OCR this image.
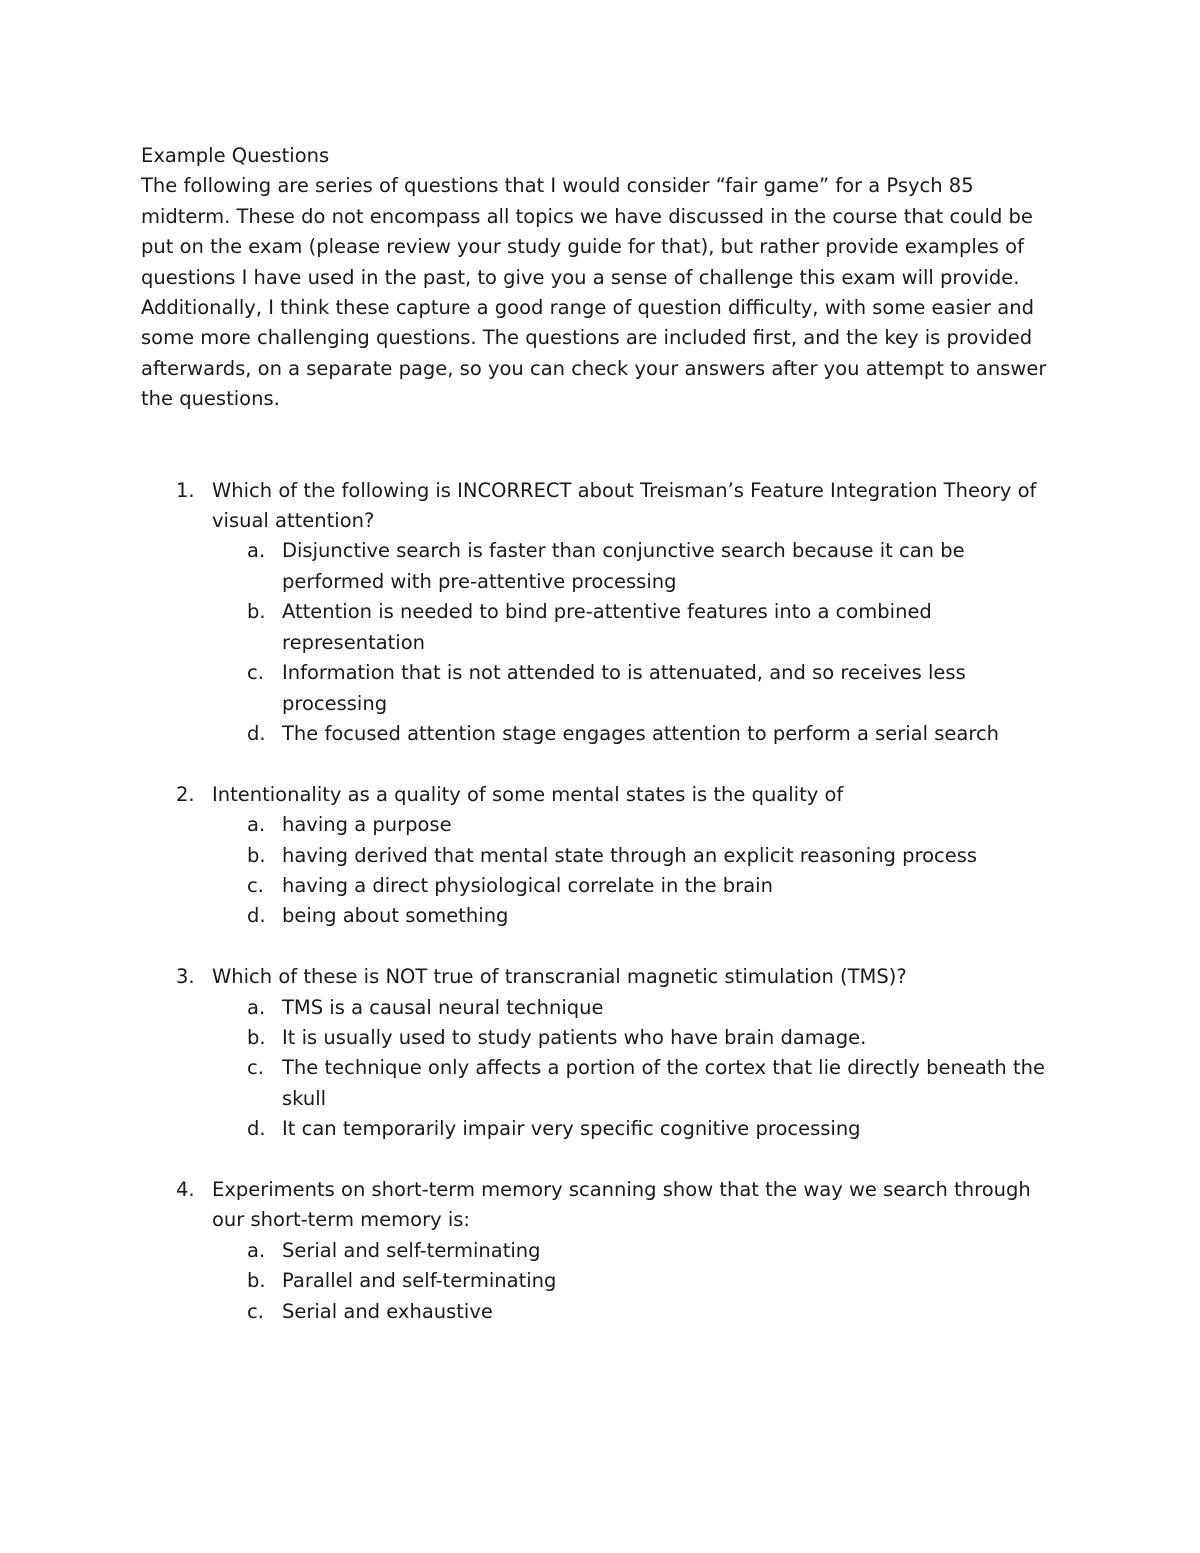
Example Questions

The following are series of questions that I would consider “fair game” for a Psych 85 midterm. These do not encompass all topics we have discussed in the course that could be put on the exam (please review your study guide for that), but rather provide examples of questions I have used in the past, to give you a sense of challenge this exam will provide. Additionally, I think these capture a good range of question difficulty, with some easier and some more challenging questions. The questions are included first, and the key is provided afterwards, on a separate page, so you can check your answers after you attempt to answer the questions.

1. Which of the following is INCORRECT about Treisman’s Feature Integration Theory of visual attention?
a. Disjunctive search is faster than conjunctive search because it can be performed with pre-attentive processing
b. Attention is needed to bind pre-attentive features into a combined representation
c. Information that is not attended to is attenuated, and so receives less processing
d. The focused attention stage engages attention to perform a serial search
2. Intentionality as a quality of some mental states is the quality of
a. having a purpose
b. having derived that mental state through an explicit reasoning process
c. having a direct physiological correlate in the brain
d. being about something
3. Which of these is NOT true of transcranial magnetic stimulation (TMS)?
a. TMS is a causal neural technique
b. It is usually used to study patients who have brain damage.
c. The technique only affects a portion of the cortex that lie directly beneath the
skull
d. It can temporarily impair very specific cognitive processing
4. Experiments on short-term memory scanning show that the way we search through our short-term memory is:
a. Serial and self-terminating
b. Parallel and self-terminating
c. Serial and exhaustive
